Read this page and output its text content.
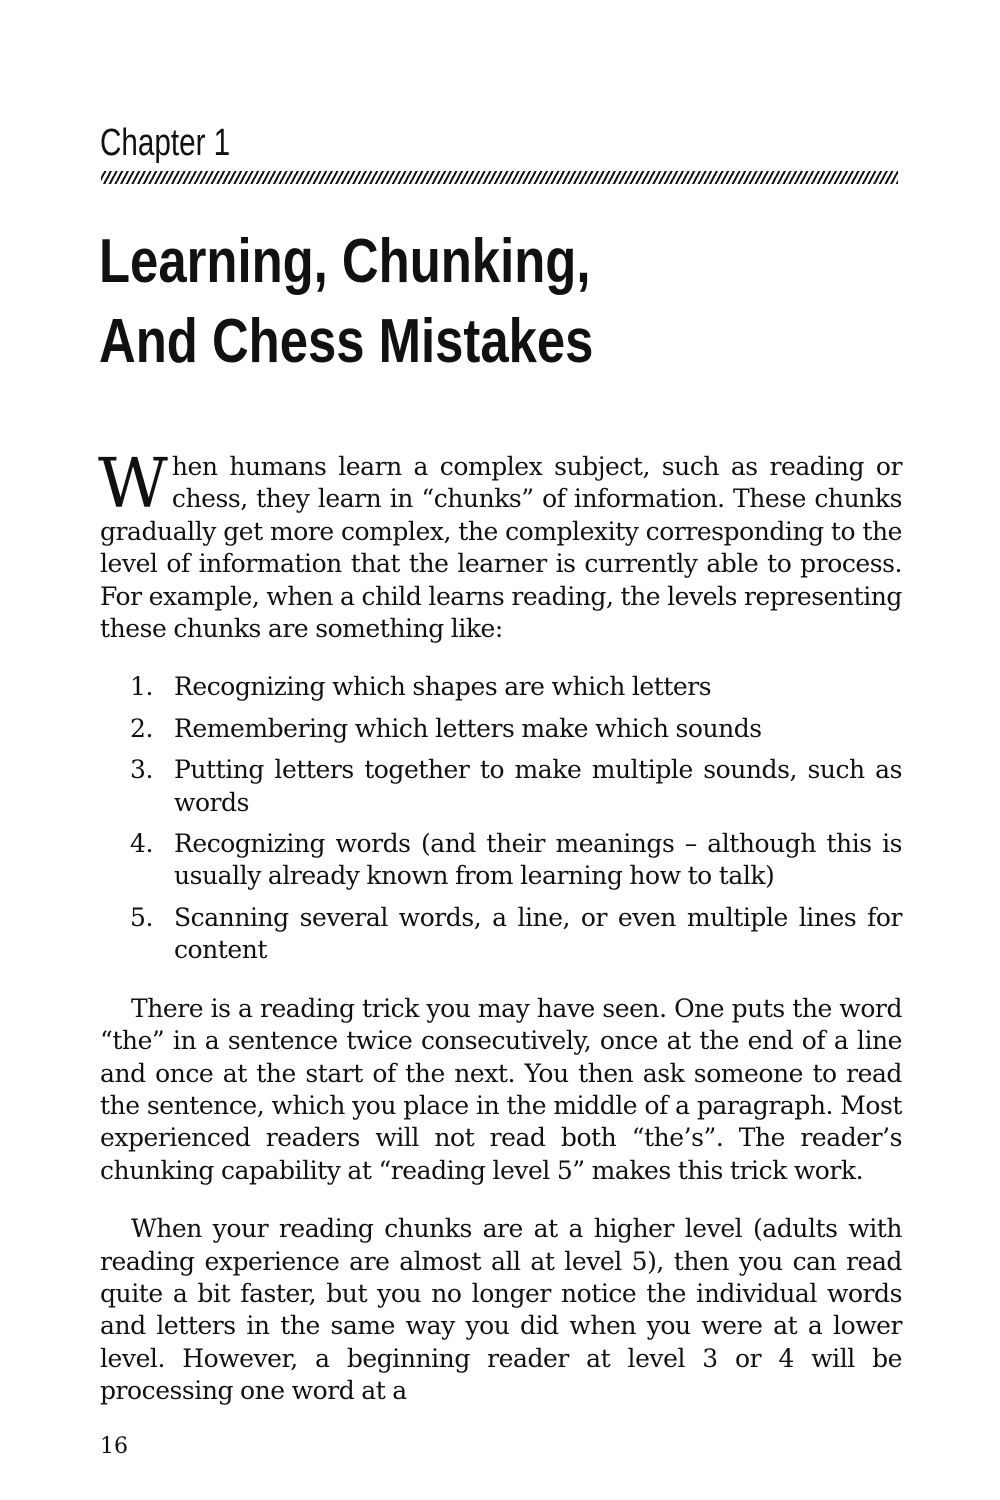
Chapter 1
Learning, Chunking,
And Chess Mistakes

When humans learn a complex subject, such as reading or chess, they learn in “chunks” of information. These chunks gradually get more complex, the complexity corresponding to the level of information that the learner is currently able to process. For example, when a child learns reading, the levels representing these chunks are something like:

1. Recognizing which shapes are which letters
2. Remembering which letters make which sounds
3. Putting letters together to make multiple sounds, such as words
4. Recognizing words (and their meanings – although this is usually already known from learning how to talk)
5. Scanning several words, a line, or even multiple lines for content

There is a reading trick you may have seen. One puts the word “the” in a sentence twice consecutively, once at the end of a line and once at the start of the next. You then ask someone to read the sentence, which you place in the middle of a paragraph. Most experienced readers will not read both “the’s”. The reader’s chunking capability at “reading level 5” makes this trick work.

When your reading chunks are at a higher level (adults with reading experience are almost all at level 5), then you can read quite a bit faster, but you no longer notice the individual words and letters in the same way you did when you were at a lower level. However, a beginning reader at level 3 or 4 will be processing one word at a

16
